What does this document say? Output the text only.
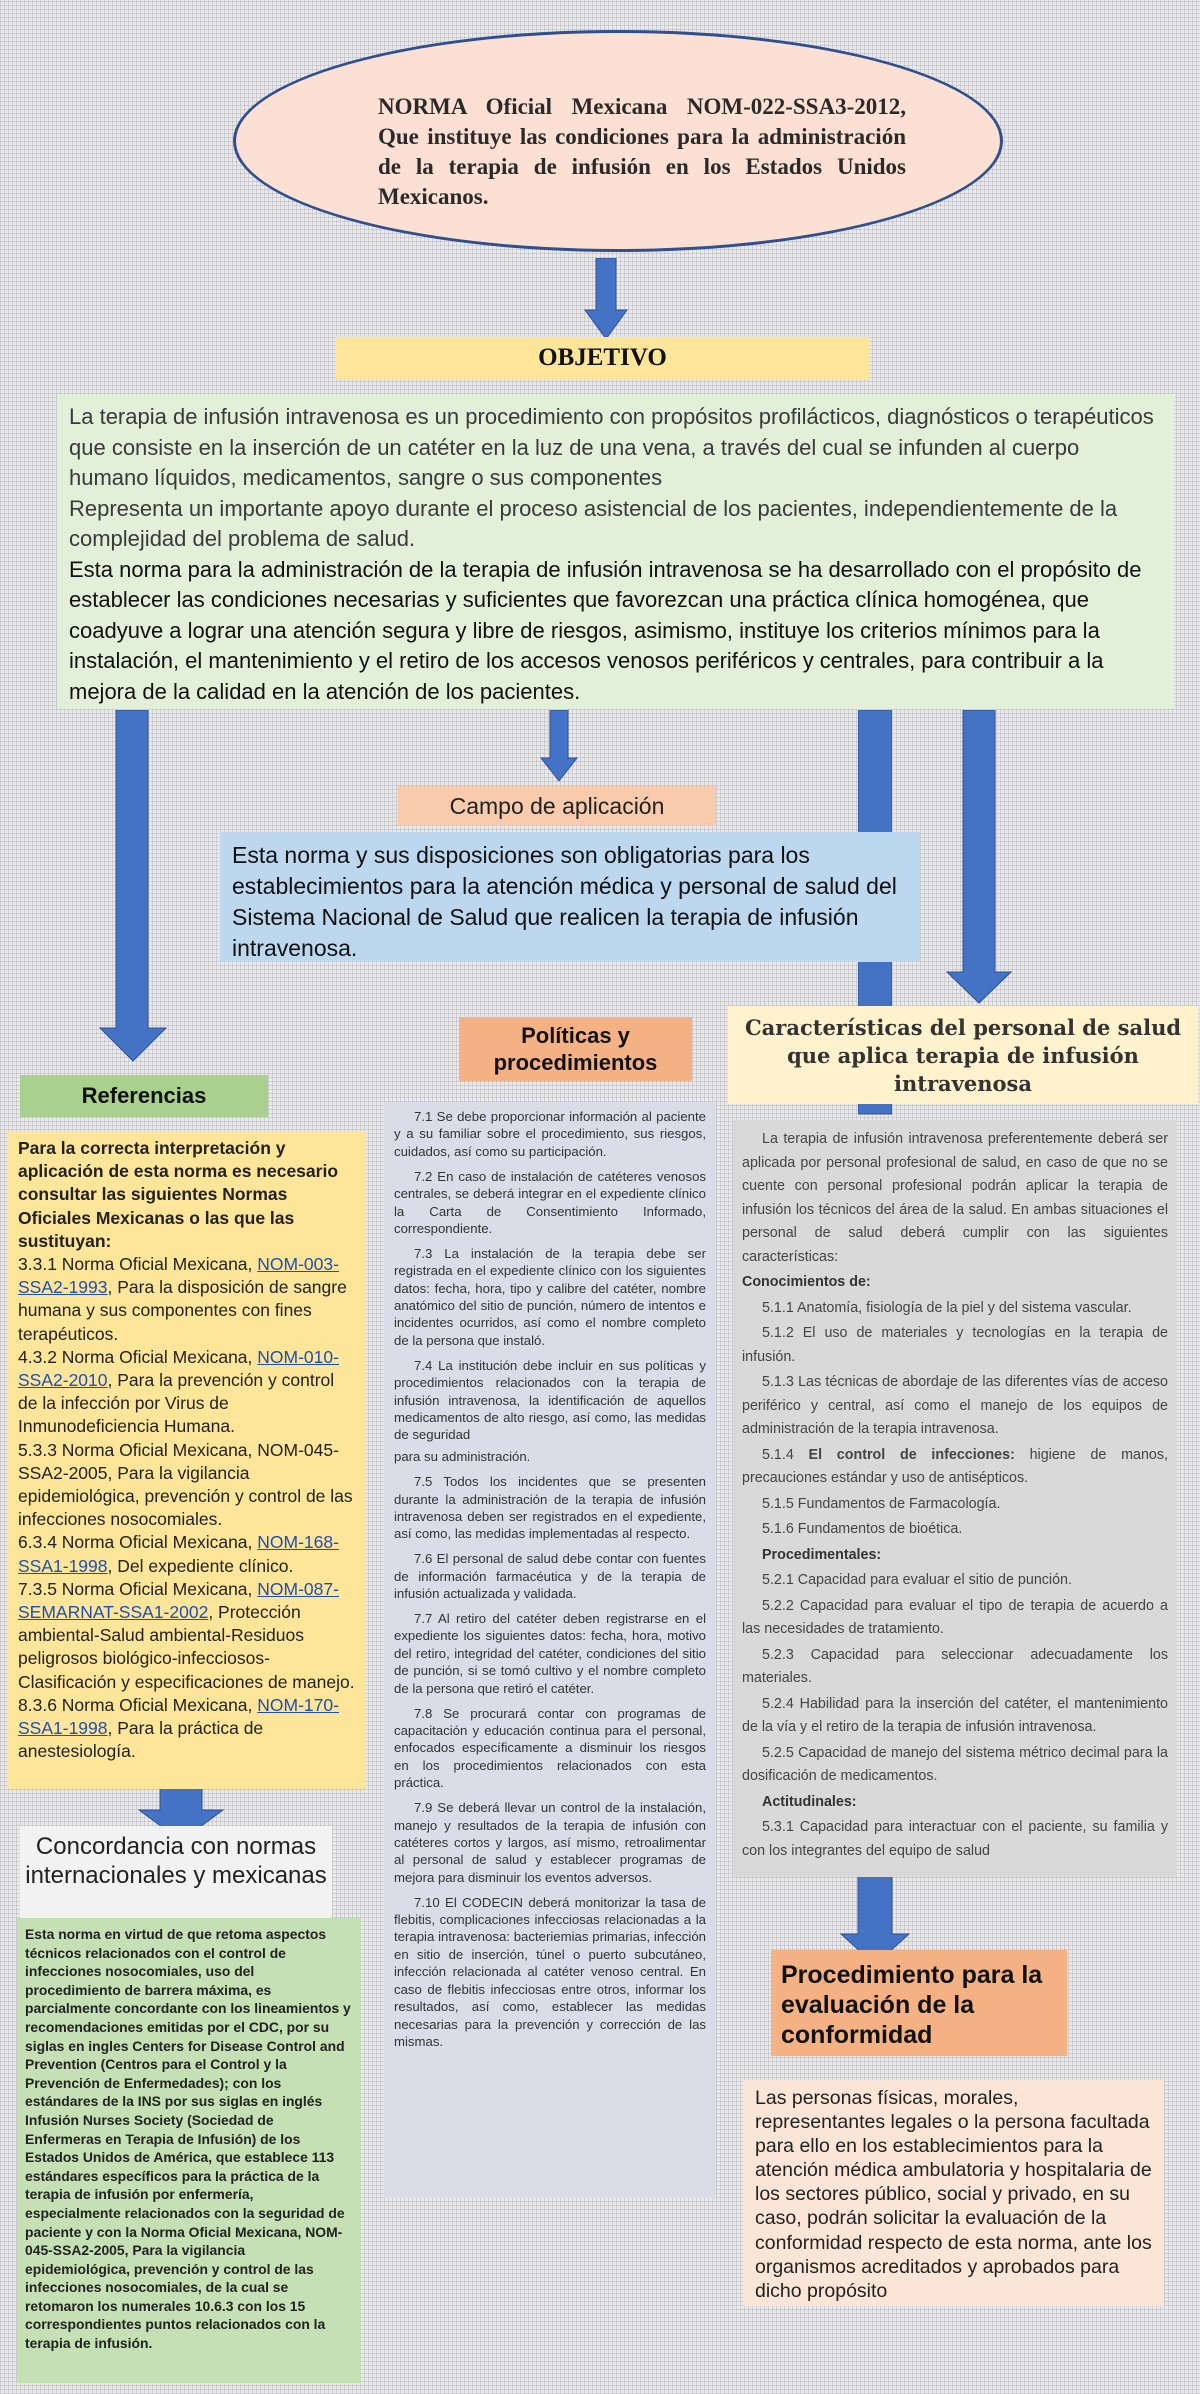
NORMA Oficial Mexicana NOM-022-SSA3-2012, Que instituye las condiciones para la administración de la terapia de infusión en los Estados Unidos Mexicanos.
OBJETIVO

La terapia de infusión intravenosa es un procedimiento con propósitos profilácticos, diagnósticos o terapéuticos que consiste en la inserción de un catéter en la luz de una vena, a través del cual se infunden al cuerpo humano líquidos, medicamentos, sangre o sus componentes

Representa un importante apoyo durante el proceso asistencial de los pacientes, independientemente de la complejidad del problema de salud.

Esta norma para la administración de la terapia de infusión intravenosa se ha desarrollado con el propósito de establecer las condiciones necesarias y suficientes que favorezcan una práctica clínica homogénea, que coadyuve a lograr una atención segura y libre de riesgos, asimismo, instituye los criterios mínimos para la instalación, el mantenimiento y el retiro de los accesos venosos periféricos y centrales, para contribuir a la mejora de la calidad en la atención de los pacientes.

Campo de aplicación
Esta norma y sus disposiciones son obligatorias para los establecimientos para la atención médica y personal de salud del Sistema Nacional de Salud que realicen la terapia de infusión intravenosa.
Referencias
Para la correcta interpretación y aplicación de esta norma es necesario consultar las siguientes Normas Oficiales Mexicanas o las que las sustituyan:
3.3.1 Norma Oficial Mexicana, NOM-003-SSA2-1993, Para la disposición de sangre humana y sus componentes con fines terapéuticos.
4.3.2 Norma Oficial Mexicana, NOM-010-SSA2-2010, Para la prevención y control de la infección por Virus de Inmunodeficiencia Humana.
5.3.3 Norma Oficial Mexicana, NOM-045-SSA2-2005, Para la vigilancia epidemiológica, prevención y control de las infecciones nosocomiales.
6.3.4 Norma Oficial Mexicana, NOM-168-SSA1-1998, Del expediente clínico.
7.3.5 Norma Oficial Mexicana, NOM-087-SEMARNAT-SSA1-2002, Protección ambiental-Salud ambiental-Residuos peligrosos biológico-infecciosos-Clasificación y especificaciones de manejo.
8.3.6 Norma Oficial Mexicana, NOM-170-SSA1-1998, Para la práctica de anestesiología.
Políticas y procedimientos

7.1 Se debe proporcionar información al paciente y a su familiar sobre el procedimiento, sus riesgos, cuidados, así como su participación.

7.2 En caso de instalación de catéteres venosos centrales, se deberá integrar en el expediente clínico la Carta de Consentimiento Informado, correspondiente.

7.3 La instalación de la terapia debe ser registrada en el expediente clínico con los siguientes datos: fecha, hora, tipo y calibre del catéter, nombre anatómico del sitio de punción, número de intentos e incidentes ocurridos, así como el nombre completo de la persona que instaló.

7.4 La institución debe incluir en sus políticas y procedimientos relacionados con la terapia de infusión intravenosa, la identificación de aquellos medicamentos de alto riesgo, así como, las medidas de seguridad

para su administración.

7.5 Todos los incidentes que se presenten durante la administración de la terapia de infusión intravenosa deben ser registrados en el expediente, así como, las medidas implementadas al respecto.

7.6 El personal de salud debe contar con fuentes de información farmacéutica y de la terapia de infusión actualizada y validada.

7.7 Al retiro del catéter deben registrarse en el expediente los siguientes datos: fecha, hora, motivo del retiro, integridad del catéter, condiciones del sitio de punción, si se tomó cultivo y el nombre completo de la persona que retiró el catéter.

7.8 Se procurará contar con programas de capacitación y educación continua para el personal, enfocados específicamente a disminuir los riesgos en los procedimientos relacionados con esta práctica.

7.9 Se deberá llevar un control de la instalación, manejo y resultados de la terapia de infusión con catéteres cortos y largos, así mismo, retroalimentar al personal de salud y establecer programas de mejora para disminuir los eventos adversos.

7.10 El CODECIN deberá monitorizar la tasa de flebitis, complicaciones infecciosas relacionadas a la terapia intravenosa: bacteriemias primarias, infección en sitio de inserción, túnel o puerto subcutáneo, infección relacionada al catéter venoso central. En caso de flebitis infecciosas entre otros, informar los resultados, así como, establecer las medidas necesarias para la prevención y corrección de las mismas.

Características del personal de salud que aplica terapia de infusión intravenosa

La terapia de infusión intravenosa preferentemente deberá ser aplicada por personal profesional de salud, en caso de que no se cuente con personal profesional podrán aplicar la terapia de infusión los técnicos del área de la salud. En ambas situaciones el personal de salud deberá cumplir con las siguientes características:

Conocimientos de:

5.1.1 Anatomía, fisiología de la piel y del sistema vascular.

5.1.2 El uso de materiales y tecnologías en la terapia de infusión.

5.1.3 Las técnicas de abordaje de las diferentes vías de acceso periférico y central, así como el manejo de los equipos de administración de la terapia intravenosa.

5.1.4 El control de infecciones: higiene de manos, precauciones estándar y uso de antisépticos.

5.1.5 Fundamentos de Farmacología.

5.1.6 Fundamentos de bioética.

Procedimentales:

5.2.1 Capacidad para evaluar el sitio de punción.

5.2.2 Capacidad para evaluar el tipo de terapia de acuerdo a las necesidades de tratamiento.

5.2.3 Capacidad para seleccionar adecuadamente los materiales.

5.2.4 Habilidad para la inserción del catéter, el mantenimiento de la vía y el retiro de la terapia de infusión intravenosa.

5.2.5 Capacidad de manejo del sistema métrico decimal para la dosificación de medicamentos.

Actitudinales:

5.3.1 Capacidad para interactuar con el paciente, su familia y con los integrantes del equipo de salud

Concordancia con normas internacionales y mexicanas
Esta norma en virtud de que retoma aspectos técnicos relacionados con el control de infecciones nosocomiales, uso del procedimiento de barrera máxima, es parcialmente concordante con los lineamientos y recomendaciones emitidas por el CDC, por su siglas en ingles Centers for Disease Control and Prevention (Centros para el Control y la Prevención de Enfermedades); con los estándares de la INS por sus siglas en inglés Infusión Nurses Society (Sociedad de Enfermeras en Terapia de Infusión) de los Estados Unidos de América, que establece 113 estándares específicos para la práctica de la terapia de infusión por enfermería, especialmente relacionados con la seguridad de paciente y con la Norma Oficial Mexicana, NOM-045-SSA2-2005, Para la vigilancia epidemiológica, prevención y control de las infecciones nosocomiales, de la cual se retomaron los numerales 10.6.3 con los 15 correspondientes puntos relacionados con la terapia de infusión.
Procedimiento para la evaluación de la conformidad
Las personas físicas, morales, representantes legales o la persona facultada para ello en los establecimientos para la atención médica ambulatoria y hospitalaria de los sectores público, social y privado, en su caso, podrán solicitar la evaluación de la conformidad respecto de esta norma, ante los organismos acreditados y aprobados para dicho propósito
